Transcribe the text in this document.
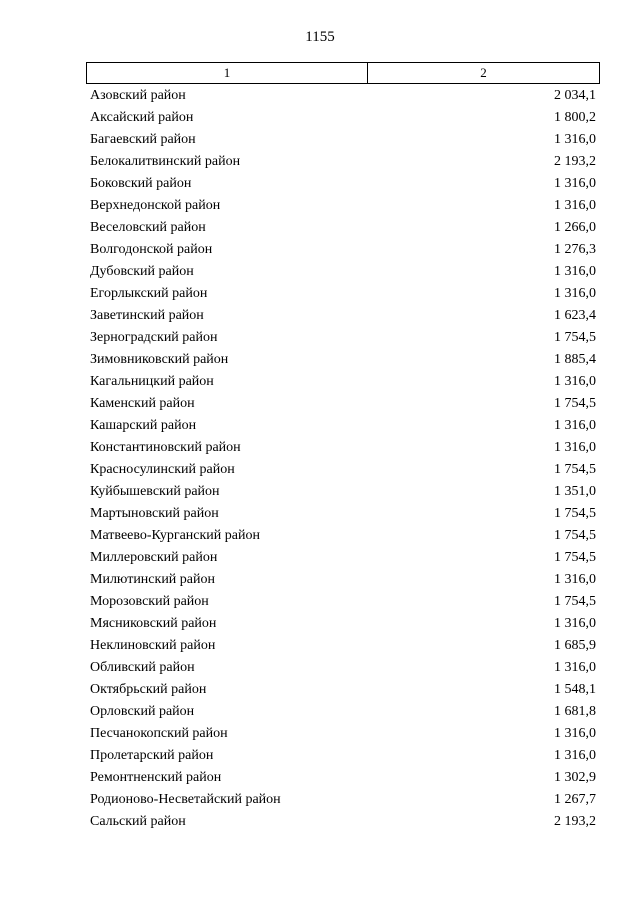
1155
1	2
Азовский район	2 034,1
Аксайский район	1 800,2
Багаевский район	1 316,0
Белокалитвинский район	2 193,2
Боковский район	1 316,0
Верхнедонской район	1 316,0
Веселовский район	1 266,0
Волгодонской район	1 276,3
Дубовский район	1 316,0
Егорлыкский район	1 316,0
Заветинский район	1 623,4
Зерноградский район	1 754,5
Зимовниковский район	1 885,4
Кагальницкий район	1 316,0
Каменский район	1 754,5
Кашарский район	1 316,0
Константиновский район	1 316,0
Красносулинский район	1 754,5
Куйбышевский район	1 351,0
Мартыновский район	1 754,5
Матвеево-Курганский район	1 754,5
Миллеровский район	1 754,5
Милютинский район	1 316,0
Морозовский район	1 754,5
Мясниковский район	1 316,0
Неклиновский район	1 685,9
Обливский район	1 316,0
Октябрьский район	1 548,1
Орловский район	1 681,8
Песчанокопский район	1 316,0
Пролетарский район	1 316,0
Ремонтненский район	1 302,9
Родионово-Несветайский район	1 267,7
Сальский район	2 193,2
